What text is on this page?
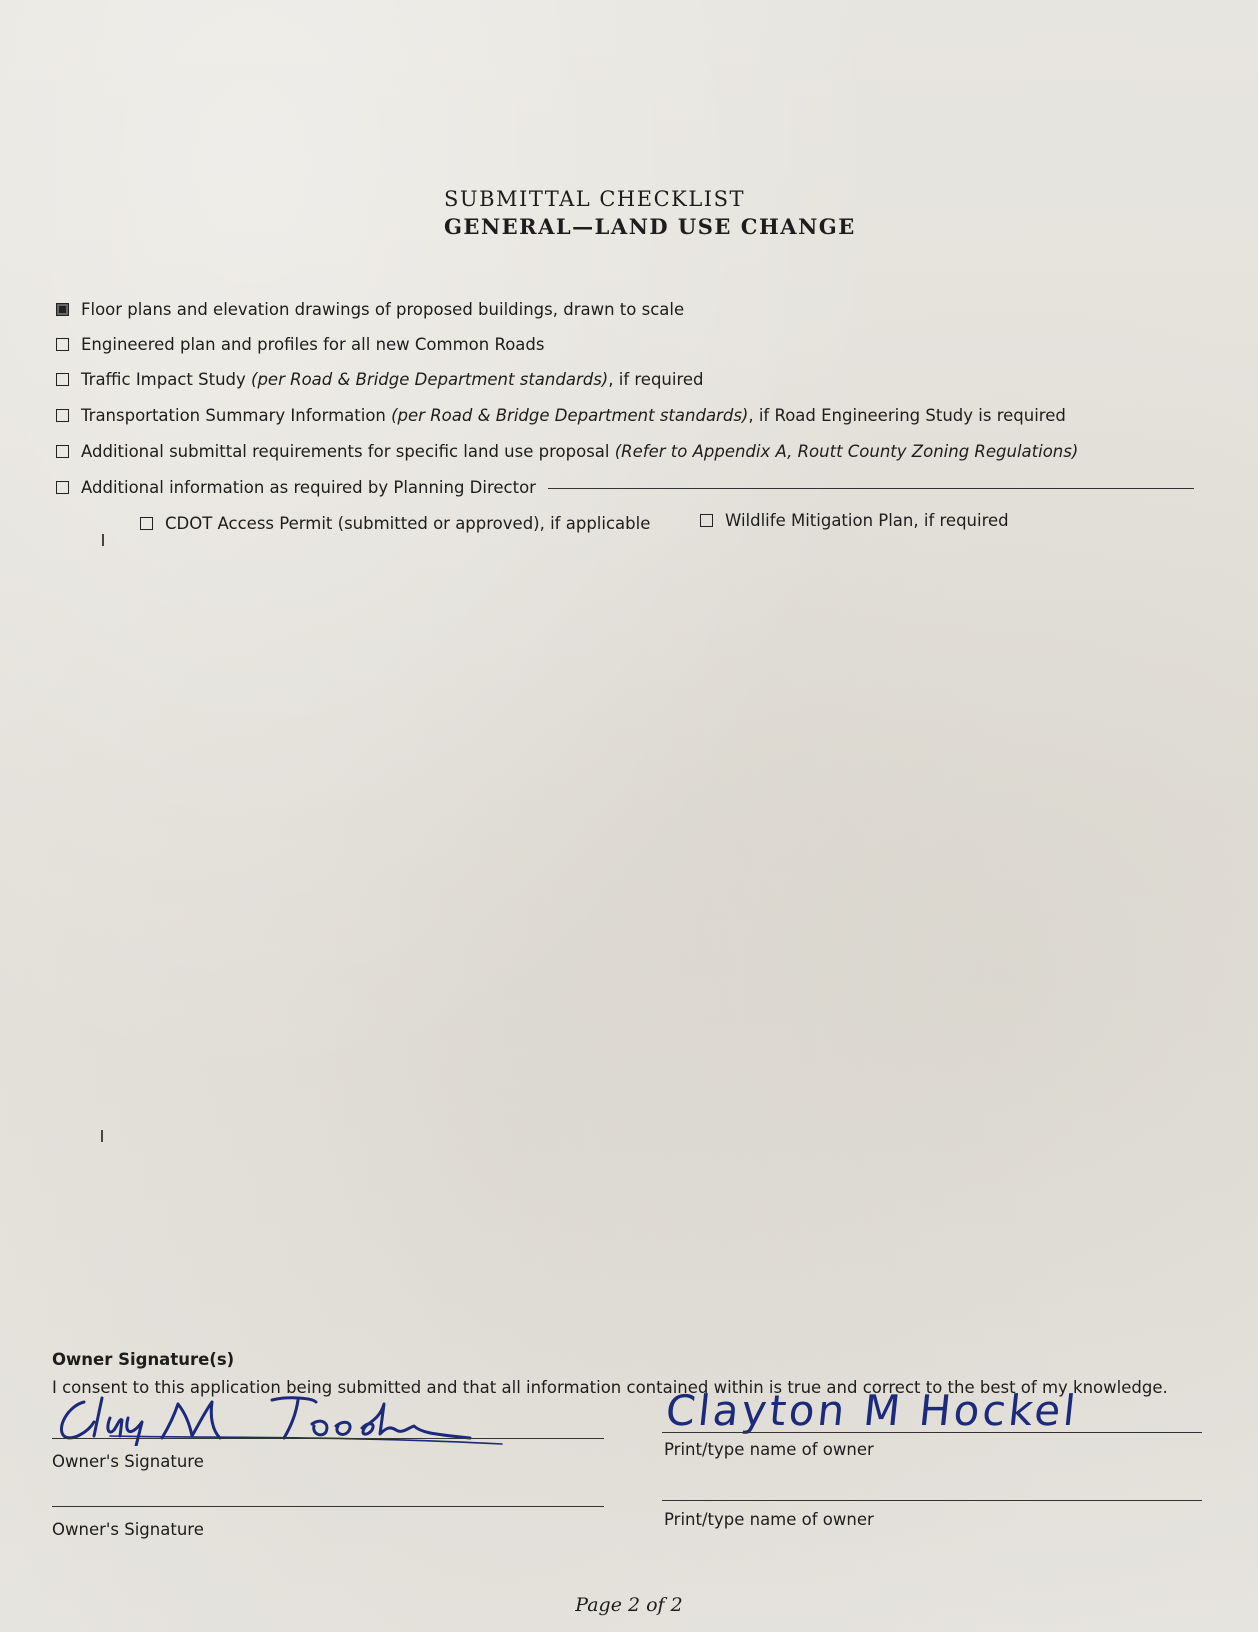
SUBMITTAL CHECKLIST
GENERAL—LAND USE CHANGE
Floor plans and elevation drawings of proposed buildings, drawn to scale
Engineered plan and profiles for all new Common Roads
Traffic Impact Study (per Road & Bridge Department standards) , if required
Transportation Summary Information (per Road & Bridge Department standards) , if Road Engineering Study is required
Additional submittal requirements for specific land use proposal (Refer to Appendix A, Routt County Zoning Regulations)
Additional information as required by Planning Director
CDOT Access Permit (submitted or approved), if applicable	Wildlife Mitigation Plan, if required
Owner Signature(s)
I consent to this application being submitted and that all information contained within is true and correct to the best of my knowledge.
Owner's Signature
Clayton M Hockel
Print/type name of owner
Owner's Signature
Print/type name of owner
Page 2 of 2
